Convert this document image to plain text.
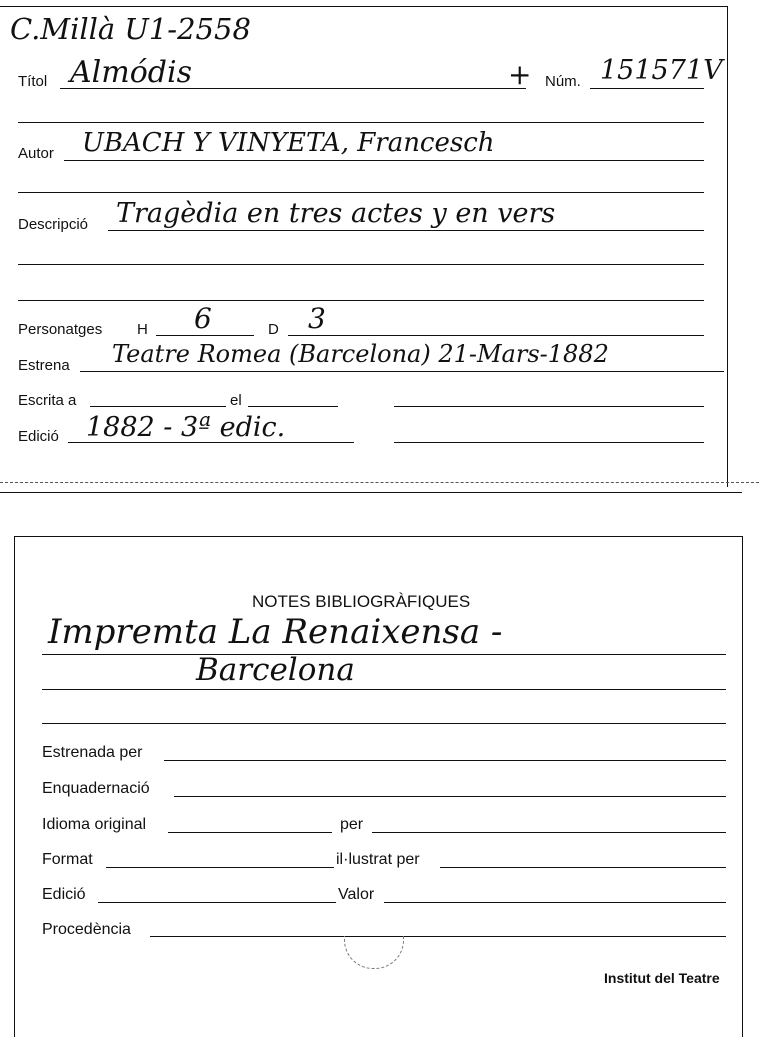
C.Millà U1-2558
Títol Almódis	+ Núm. 151571V
Autor UBACH Y VINYETA, Francesch
Descripció Tragèdia en tres actes y en vers
Personatges H 6	D 3
Estrena Teatre Romea (Barcelona) 21-Mars-1882
Escrita a	el
Edició 1882 - 3ª edic.
NOTES BIBLIOGRÀFIQUES
Impremta La Renaixensa -
Barcelona
Estrenada per
Enquadernació
Idioma original	per
Format	il·lustrat per
Edició	Valor
Procedència
Institut del Teatre
